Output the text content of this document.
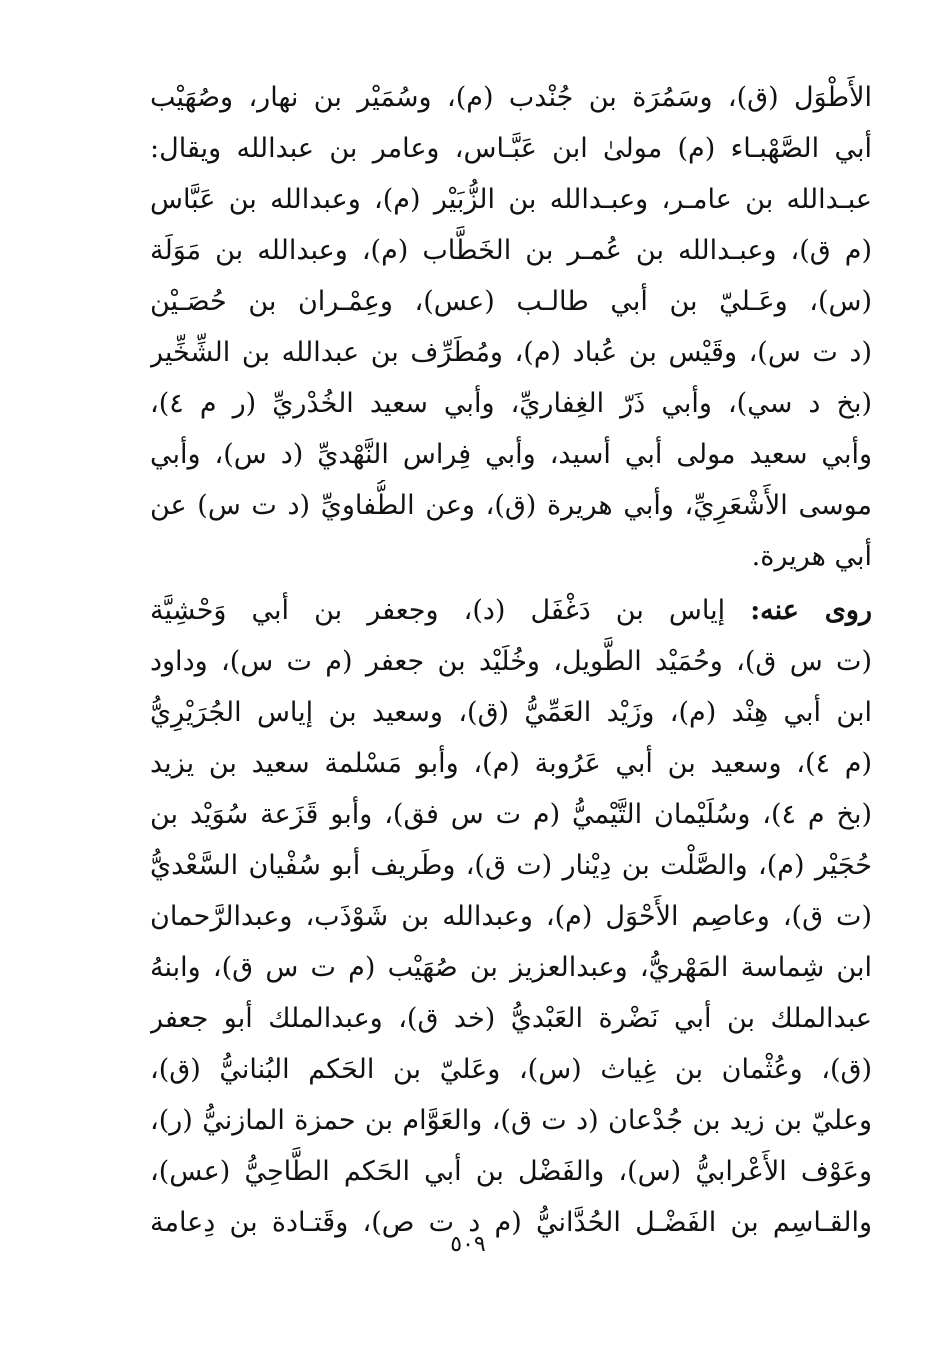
الأَطْوَل (ق)، وسَمُرَة بن جُنْدب (م)، وسُمَيْر بن نهار، وصُهَيْب
أبي الصَّهْبـاء (م) مولىٰ ابن عَبَّـاس، وعامر بن عبدالله ويقال:
عبـدالله بن عامـر، وعبـدالله بن الزُّبَيْر (م)، وعبدالله بن عَبَّاس
(م ق)، وعبـدالله بن عُمـر بن الخَطَّاب (م)، وعبدالله بن مَوَلَة
(س)، وعَـليّ بن أبي طالـب (عس)، وعِمْـران بن حُصَـيْن
(د ت س)، وقَيْس بن عُباد (م)، ومُطَرِّف بن عبدالله بن الشِّخِّير
(بخ د سي)، وأبي ذَرّ الغِفاريِّ، وأبي سعيد الخُدْريِّ (ر م ٤)،
وأبي سعيد مولى أبي أسيد، وأبي فِراس النَّهْديِّ (د س)، وأبي
موسى الأَشْعَرِيِّ، وأبي هريرة (ق)، وعن الطُّفاويِّ (د ت س) عن
أبي هريرة.
روى عنه: إياس بن دَغْفَل (د)، وجعفر بن أبي وَحْشِيَّة
(ت س ق)، وحُمَيْد الطَّويل، وخُلَيْد بن جعفر (م ت س)، وداود
ابن أبي هِنْد (م)، وزَيْد العَمِّيُّ (ق)، وسعيد بن إياس الجُرَيْرِيُّ
(م ٤)، وسعيد بن أبي عَرُوبة (م)، وأبو مَسْلمة سعيد بن يزيد
(بخ م ٤)، وسُلَيْمان التَّيْميُّ (م ت س فق)، وأبو قَزَعة سُوَيْد بن
حُجَيْر (م)، والصَّلْت بن دِيْنار (ت ق)، وطَريف أبو سُفْيان السَّعْديُّ
(ت ق)، وعاصِم الأَحْوَل (م)، وعبدالله بن شَوْذَب، وعبدالرَّحمان
ابن شِماسة المَهْريُّ، وعبدالعزيز بن صُهَيْب (م ت س ق)، وابنهُ
عبدالملك بن أبي نَضْرة العَبْديُّ (خد ق)، وعبدالملك أبو جعفر
(ق)، وعُثْمان بن غِياث (س)، وعَليّ بن الحَكم البُنانيُّ (ق)،
وعليّ بن زيد بن جُدْعان (د ت ق)، والعَوَّام بن حمزة المازنيُّ (ر)،
وعَوْف الأَعْرابيُّ (س)، والفَضْل بن أبي الحَكم الطَّاحِيُّ (عس)،
والقـاسِم بن الفَضْـل الحُدَّانيُّ (م د ت ص)، وقَتـادة بن دِعامة
٥٠٩
